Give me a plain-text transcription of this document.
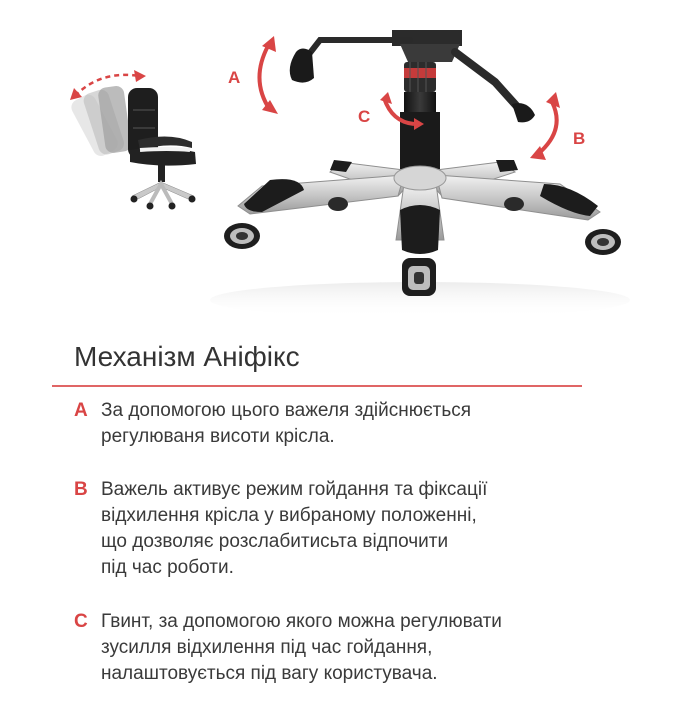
A
B
C
Механізм Аніфікс
A За допомогою цього важеля здійснюється
регулюваня висоти крісла.
B Важель активує режим гойдання та фіксації
відхилення крісла у вибраному положенні,
що дозволяє розслабитисьта відпочити
під час роботи.
C Гвинт, за допомогою якого можна регулювати
зусилля відхилення під час гойдання,
налаштовується під вагу користувача.
